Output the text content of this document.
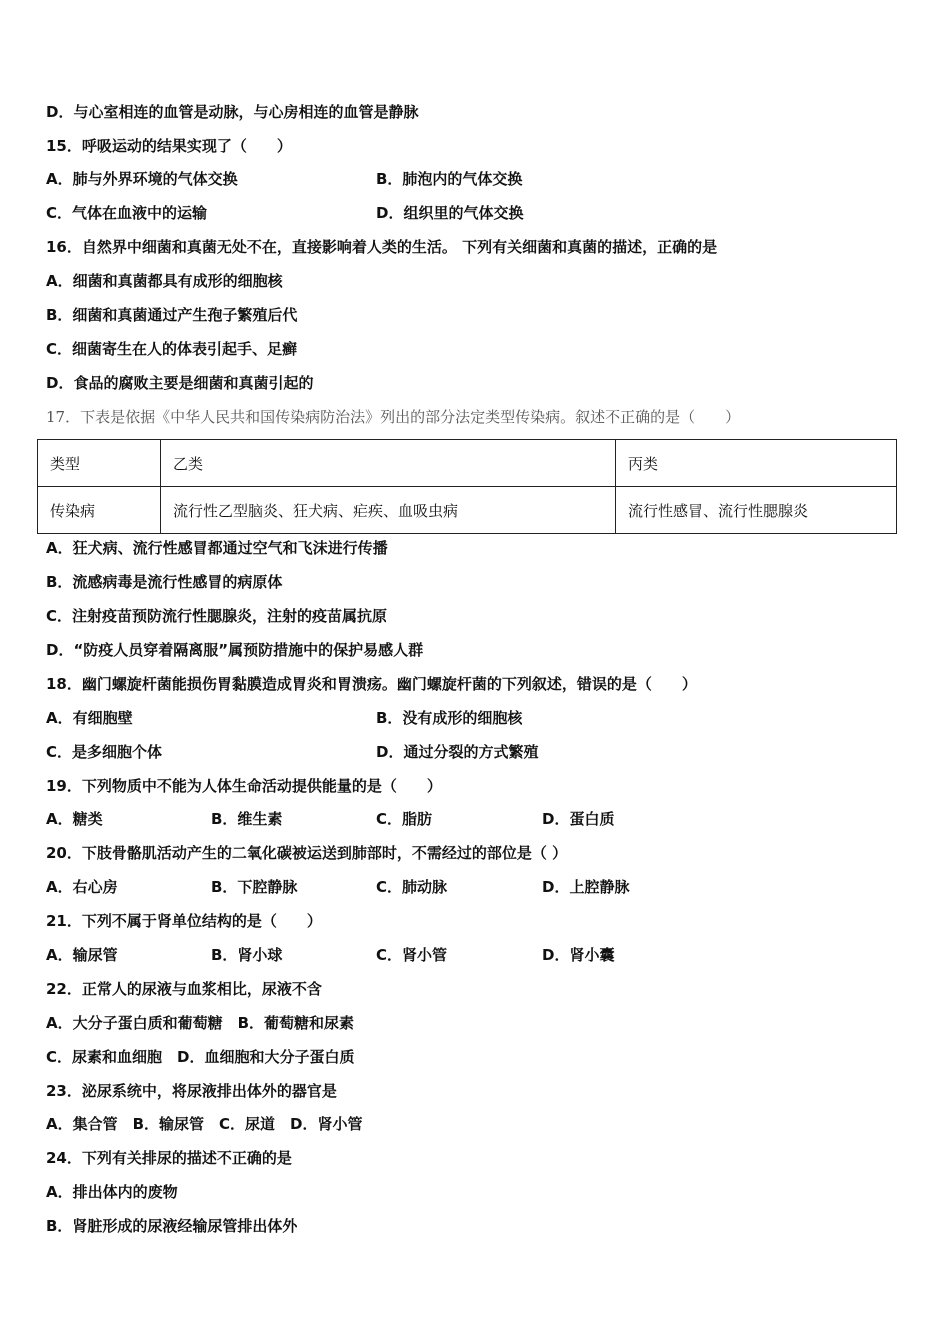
D．与心室相连的血管是动脉，与心房相连的血管是静脉
15．呼吸运动的结果实现了（　　）
A．肺与外界环境的气体交换	B．肺泡内的气体交换
C．气体在血液中的运输	D．组织里的气体交换
16．自然界中细菌和真菌无处不在，直接影响着人类的生活。 下列有关细菌和真菌的描述，正确的是
A．细菌和真菌都具有成形的细胞核
B．细菌和真菌通过产生孢子繁殖后代
C．细菌寄生在人的体表引起手、足癣
D．食品的腐败主要是细菌和真菌引起的
17．下表是依据《中华人民共和国传染病防治法》列出的部分法定类型传染病。叙述不正确的是（　　）
类型	乙类	丙类
传染病	流行性乙型脑炎、狂犬病、疟疾、血吸虫病	流行性感冒、流行性腮腺炎
A．狂犬病、流行性感冒都通过空气和飞沫进行传播
B．流感病毒是流行性感冒的病原体
C．注射疫苗预防流行性腮腺炎，注射的疫苗属抗原
D．“防疫人员穿着隔离服”属预防措施中的保护易感人群
18．幽门螺旋杆菌能损伤胃黏膜造成胃炎和胃溃疡。幽门螺旋杆菌的下列叙述，错误的是（　　）
A．有细胞壁	B．没有成形的细胞核
C．是多细胞个体	D．通过分裂的方式繁殖
19．下列物质中不能为人体生命活动提供能量的是（　　）
A．糖类	B．维生素	C．脂肪	D．蛋白质
20．下肢骨骼肌活动产生的二氧化碳被运送到肺部时，不需经过的部位是（ ）
A．右心房	B．下腔静脉	C．肺动脉	D．上腔静脉
21．下列不属于肾单位结构的是（　　）
A．输尿管	B．肾小球	C．肾小管	D．肾小囊
22．正常人的尿液与血浆相比，尿液不含
A．大分子蛋白质和葡萄糖　B．葡萄糖和尿素
C．尿素和血细胞　D．血细胞和大分子蛋白质
23．泌尿系统中，将尿液排出体外的器官是
A．集合管　B．输尿管　C．尿道　D．肾小管
24．下列有关排尿的描述不正确的是
A．排出体内的废物
B．肾脏形成的尿液经输尿管排出体外
